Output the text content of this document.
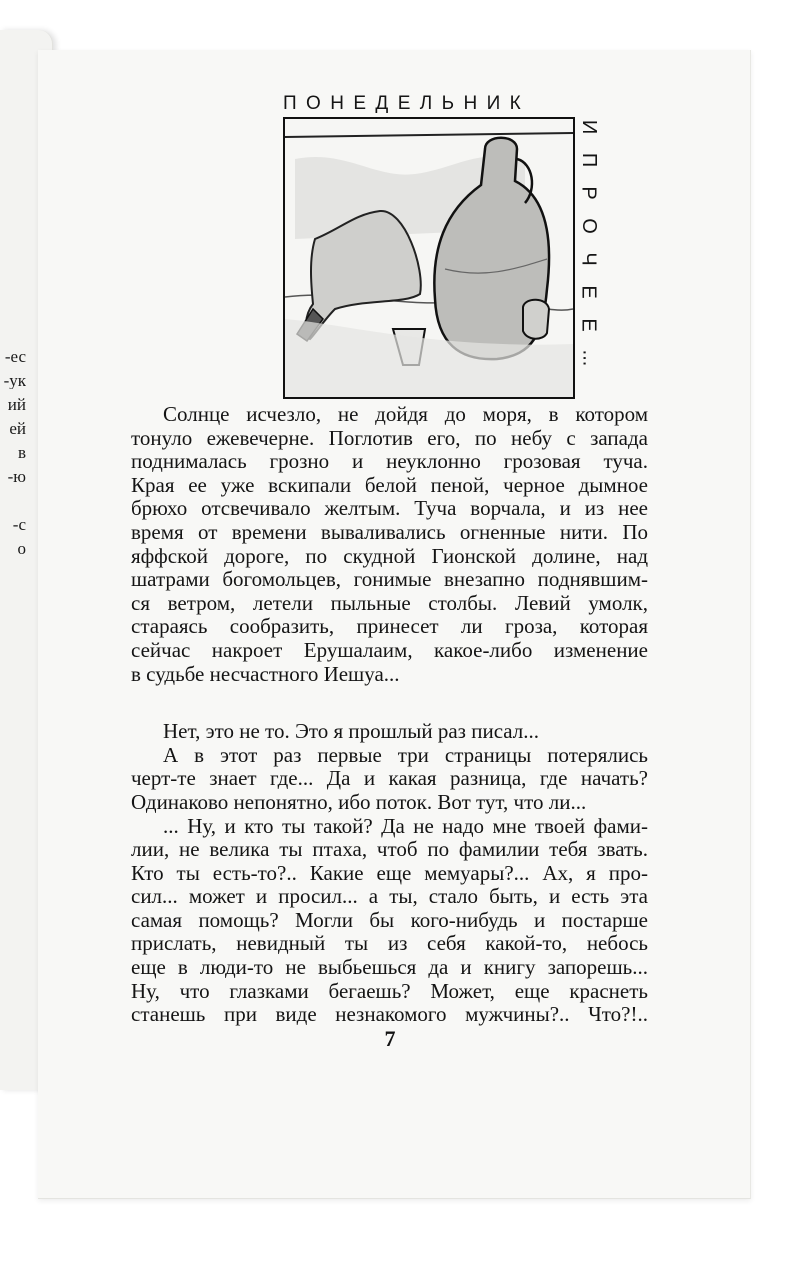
ес-
ук-
ий
ей
в
ю-
с-
о
ПОНЕДЕЛЬНИК
И
П
Р
О
Ч
Е
Е
...
Солнце исчезло, не дойдя до моря, в котором
тонуло ежевечерне. Поглотив его, по небу с запада
поднималась грозно и неуклонно грозовая туча.
Края ее уже вскипали белой пеной, черное дымное
брюхо отсвечивало желтым. Туча ворчала, и из нее
время от времени вываливались огненные нити. По
яффской дороге, по скудной Гионской долине, над
шатрами богомольцев, гонимые внезапно поднявшим-
ся ветром, летели пыльные столбы. Левий умолк,
стараясь сообразить, принесет ли гроза, которая
сейчас накроет Ерушалаим, какое-либо изменение
в судьбе несчастного Иешуа...
Нет, это не то. Это я прошлый раз писал...
А в этот раз первые три страницы потерялись
черт-те знает где... Да и какая разница, где начать?
Одинаково непонятно, ибо поток. Вот тут, что ли...
... Ну, и кто ты такой? Да не надо мне твоей фами-
лии, не велика ты птаха, чтоб по фамилии тебя звать.
Кто ты есть-то?.. Какие еще мемуары?... Ах, я про-
сил... может и просил... а ты, стало быть, и есть эта
самая помощь? Могли бы кого-нибудь и постарше
прислать, невидный ты из себя какой-то, небось
еще в люди-то не выбьешься да и книгу запорешь...
Ну, что глазками бегаешь? Может, еще краснеть
станешь при виде незнакомого мужчины?.. Что?!..
7
